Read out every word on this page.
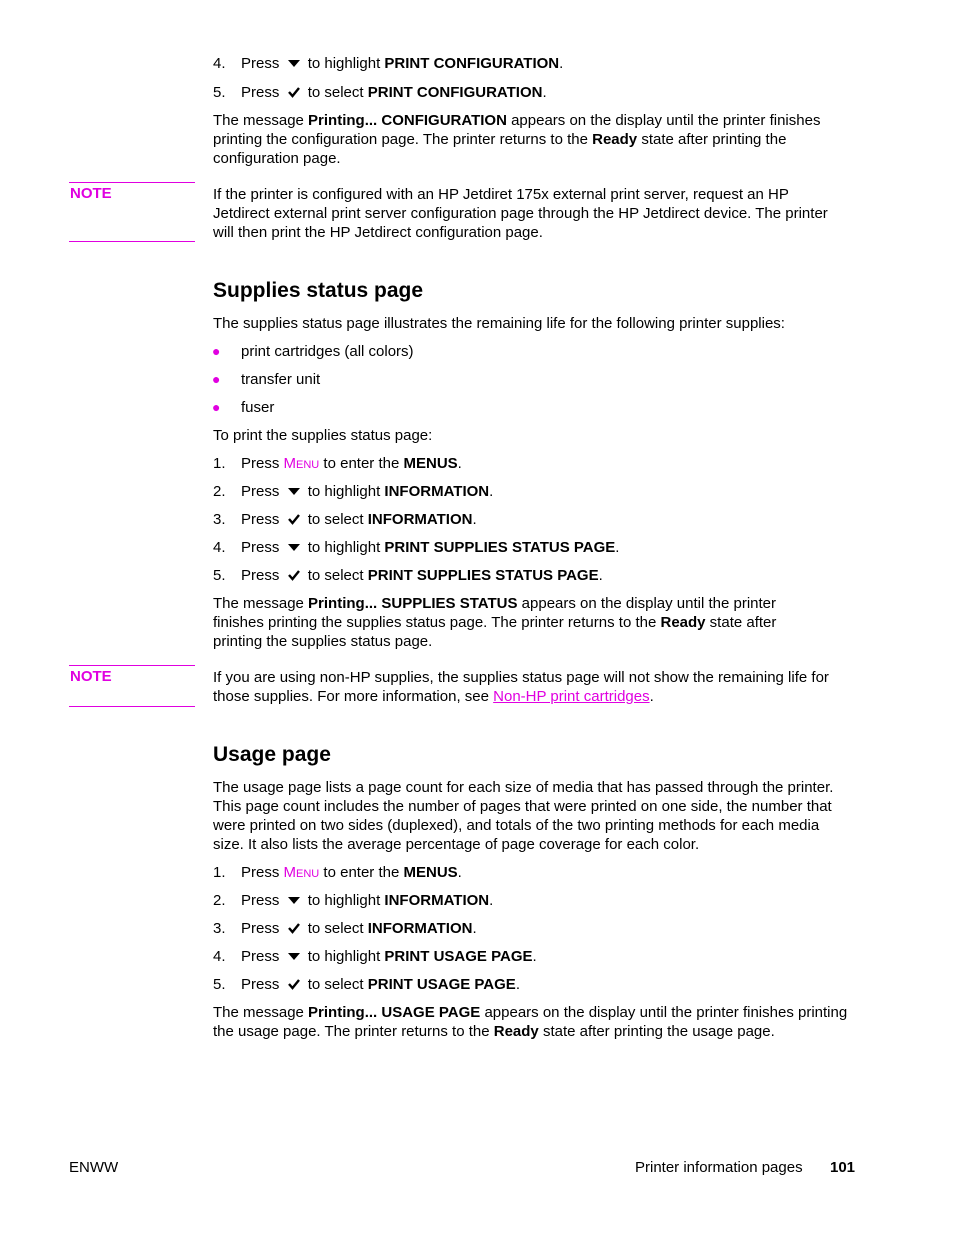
4. Press to highlight PRINT CONFIGURATION.
5. Press to select PRINT CONFIGURATION.
The message Printing... CONFIGURATION appears on the display until the printer finishes printing the configuration page. The printer returns to the Ready state after printing the configuration page.
NOTE	If the printer is configured with an HP Jetdiret 175x external print server, request an HP Jetdirect external print server configuration page through the HP Jetdirect device. The printer will then print the HP Jetdirect configuration page.
Supplies status page
The supplies status page illustrates the remaining life for the following printer supplies:
● print cartridges (all colors)
● transfer unit
● fuser
To print the supplies status page:
1. Press MENU to enter the MENUS.
2. Press to highlight INFORMATION.
3. Press to select INFORMATION.
4. Press to highlight PRINT SUPPLIES STATUS PAGE.
5. Press to select PRINT SUPPLIES STATUS PAGE.
The message Printing... SUPPLIES STATUS appears on the display until the printer finishes printing the supplies status page. The printer returns to the Ready state after printing the supplies status page.
NOTE	If you are using non-HP supplies, the supplies status page will not show the remaining life for those supplies. For more information, see Non-HP print cartridges.
Usage page
The usage page lists a page count for each size of media that has passed through the printer. This page count includes the number of pages that were printed on one side, the number that were printed on two sides (duplexed), and totals of the two printing methods for each media size. It also lists the average percentage of page coverage for each color.
1. Press MENU to enter the MENUS.
2. Press to highlight INFORMATION.
3. Press to select INFORMATION.
4. Press to highlight PRINT USAGE PAGE.
5. Press to select PRINT USAGE PAGE.
The message Printing... USAGE PAGE appears on the display until the printer finishes printing the usage page. The printer returns to the Ready state after printing the usage page.
ENWW	Printer information pages 101
